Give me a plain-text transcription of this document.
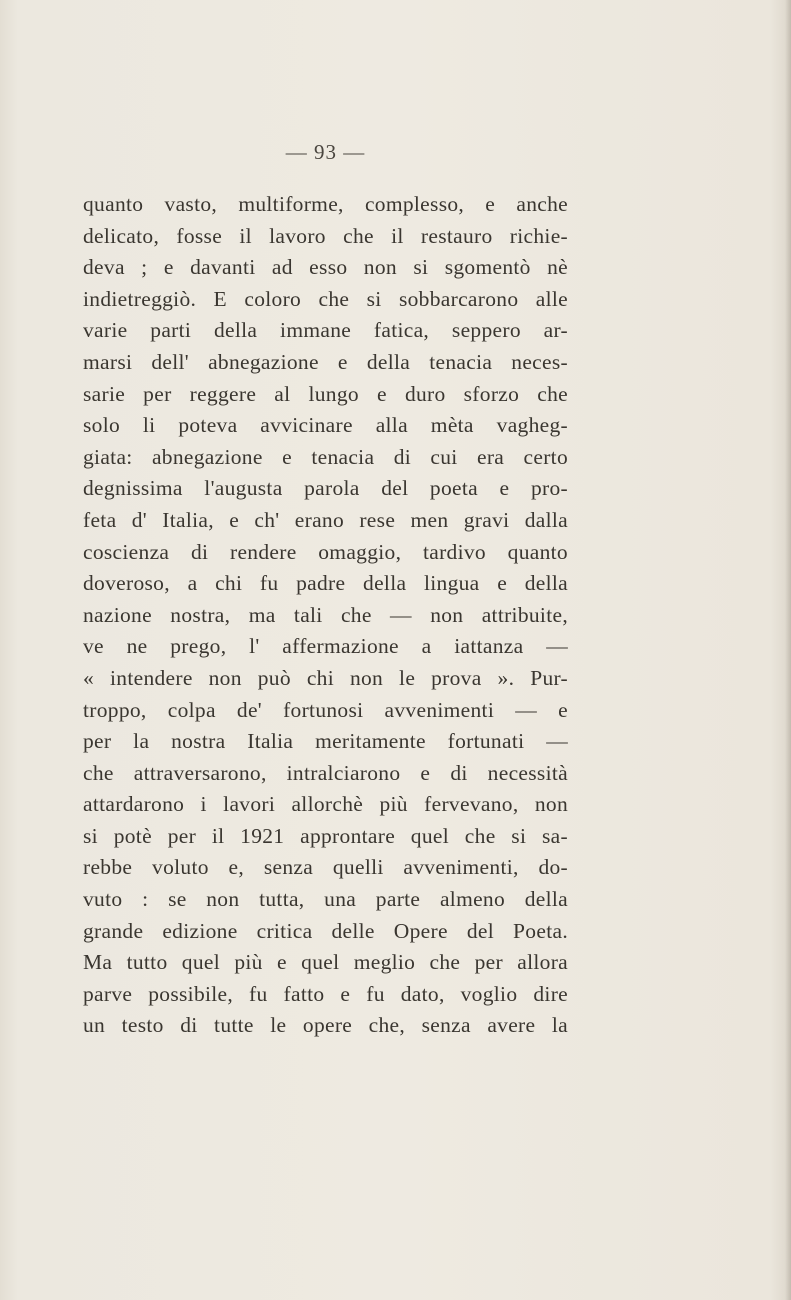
— 93 —
quanto vasto, multiforme, complesso, e anche
delicato, fosse il lavoro che il restauro richie-
deva ; e davanti ad esso non si sgomentò nè
indietreggiò. E coloro che si sobbarcarono alle
varie parti della immane fatica, seppero ar-
marsi dell' abnegazione e della tenacia neces-
sarie per reggere al lungo e duro sforzo che
solo li poteva avvicinare alla mèta vagheg-
giata: abnegazione e tenacia di cui era certo
degnissima l'augusta parola del poeta e pro-
feta d' Italia, e ch' erano rese men gravi dalla
coscienza di rendere omaggio, tardivo quanto
doveroso, a chi fu padre della lingua e della
nazione nostra, ma tali che — non attribuite,
ve ne prego, l' affermazione a iattanza —
« intendere non può chi non le prova ». Pur-
troppo, colpa de' fortunosi avvenimenti — e
per la nostra Italia meritamente fortunati —
che attraversarono, intralciarono e di necessità
attardarono i lavori allorchè più fervevano, non
si potè per il 1921 approntare quel che si sa-
rebbe voluto e, senza quelli avvenimenti, do-
vuto : se non tutta, una parte almeno della
grande edizione critica delle Opere del Poeta.
Ma tutto quel più e quel meglio che per allora
parve possibile, fu fatto e fu dato, voglio dire
un testo di tutte le opere che, senza avere la
